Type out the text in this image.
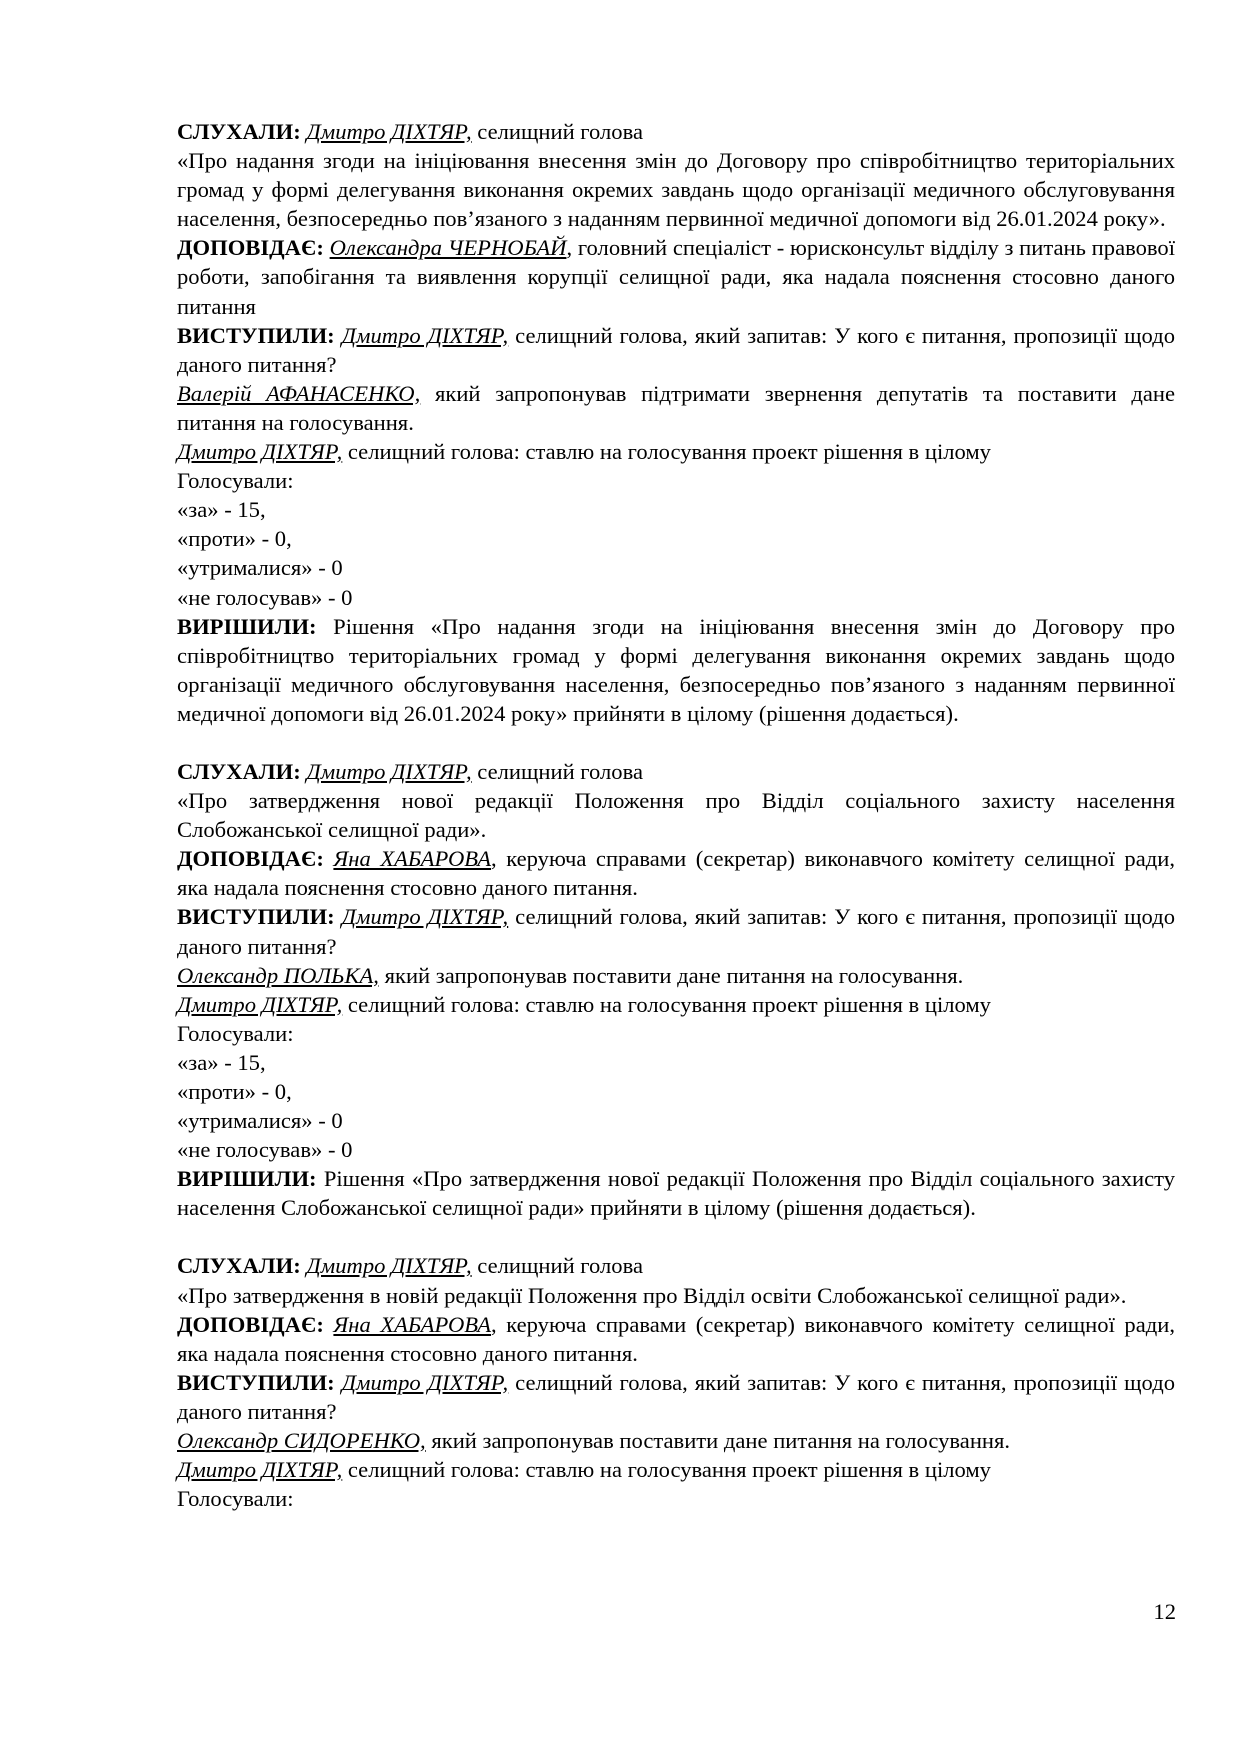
СЛУХАЛИ: Дмитро ДІХТЯР, селищний голова

«Про надання згоди на ініціювання внесення змін до Договору про співробітництво територіальних громад у формі делегування виконання окремих завдань щодо організації медичного обслуговування населення, безпосередньо пов’язаного з наданням первинної медичної допомоги від 26.01.2024 року».

ДОПОВІДАЄ: Олександра ЧЕРНОБАЙ, головний спеціаліст - юрисконсульт відділу з питань правової роботи, запобігання та виявлення корупції селищної ради, яка надала пояснення стосовно даного питання

ВИСТУПИЛИ: Дмитро ДІХТЯР, селищний голова, який запитав: У кого є питання, пропозиції щодо даного питання?

Валерій АФАНАСЕНКО, який запропонував підтримати звернення депутатів та поставити дане питання на голосування.

Дмитро ДІХТЯР, селищний голова: ставлю на голосування проект рішення в цілому

Голосували:

«за» - 15,

«проти» - 0,

«утрималися» - 0

«не голосував» - 0

ВИРІШИЛИ: Рішення «Про надання згоди на ініціювання внесення змін до Договору про співробітництво територіальних громад у формі делегування виконання окремих завдань щодо організації медичного обслуговування населення, безпосередньо пов’язаного з наданням первинної медичної допомоги від 26.01.2024 року» прийняти в цілому (рішення додається).

СЛУХАЛИ: Дмитро ДІХТЯР, селищний голова

«Про затвердження нової редакції Положення про Відділ соціального захисту населення Слобожанської селищної ради».

ДОПОВІДАЄ: Яна ХАБАРОВА, керуюча справами (секретар) виконавчого комітету селищної ради, яка надала пояснення стосовно даного питання.

ВИСТУПИЛИ: Дмитро ДІХТЯР, селищний голова, який запитав: У кого є питання, пропозиції щодо даного питання?

Олександр ПОЛЬКА, який запропонував поставити дане питання на голосування.

Дмитро ДІХТЯР, селищний голова: ставлю на голосування проект рішення в цілому

Голосували:

«за» - 15,

«проти» - 0,

«утрималися» - 0

«не голосував» - 0

ВИРІШИЛИ: Рішення «Про затвердження нової редакції Положення про Відділ соціального захисту населення Слобожанської селищної ради» прийняти в цілому (рішення додається).

СЛУХАЛИ: Дмитро ДІХТЯР, селищний голова

«Про затвердження в новій редакції Положення про Відділ освіти Слобожанської селищної ради».

ДОПОВІДАЄ: Яна ХАБАРОВА, керуюча справами (секретар) виконавчого комітету селищної ради, яка надала пояснення стосовно даного питання.

ВИСТУПИЛИ: Дмитро ДІХТЯР, селищний голова, який запитав: У кого є питання, пропозиції щодо даного питання?

Олександр СИДОРЕНКО, який запропонував поставити дане питання на голосування.

Дмитро ДІХТЯР, селищний голова: ставлю на голосування проект рішення в цілому

Голосували:

12
